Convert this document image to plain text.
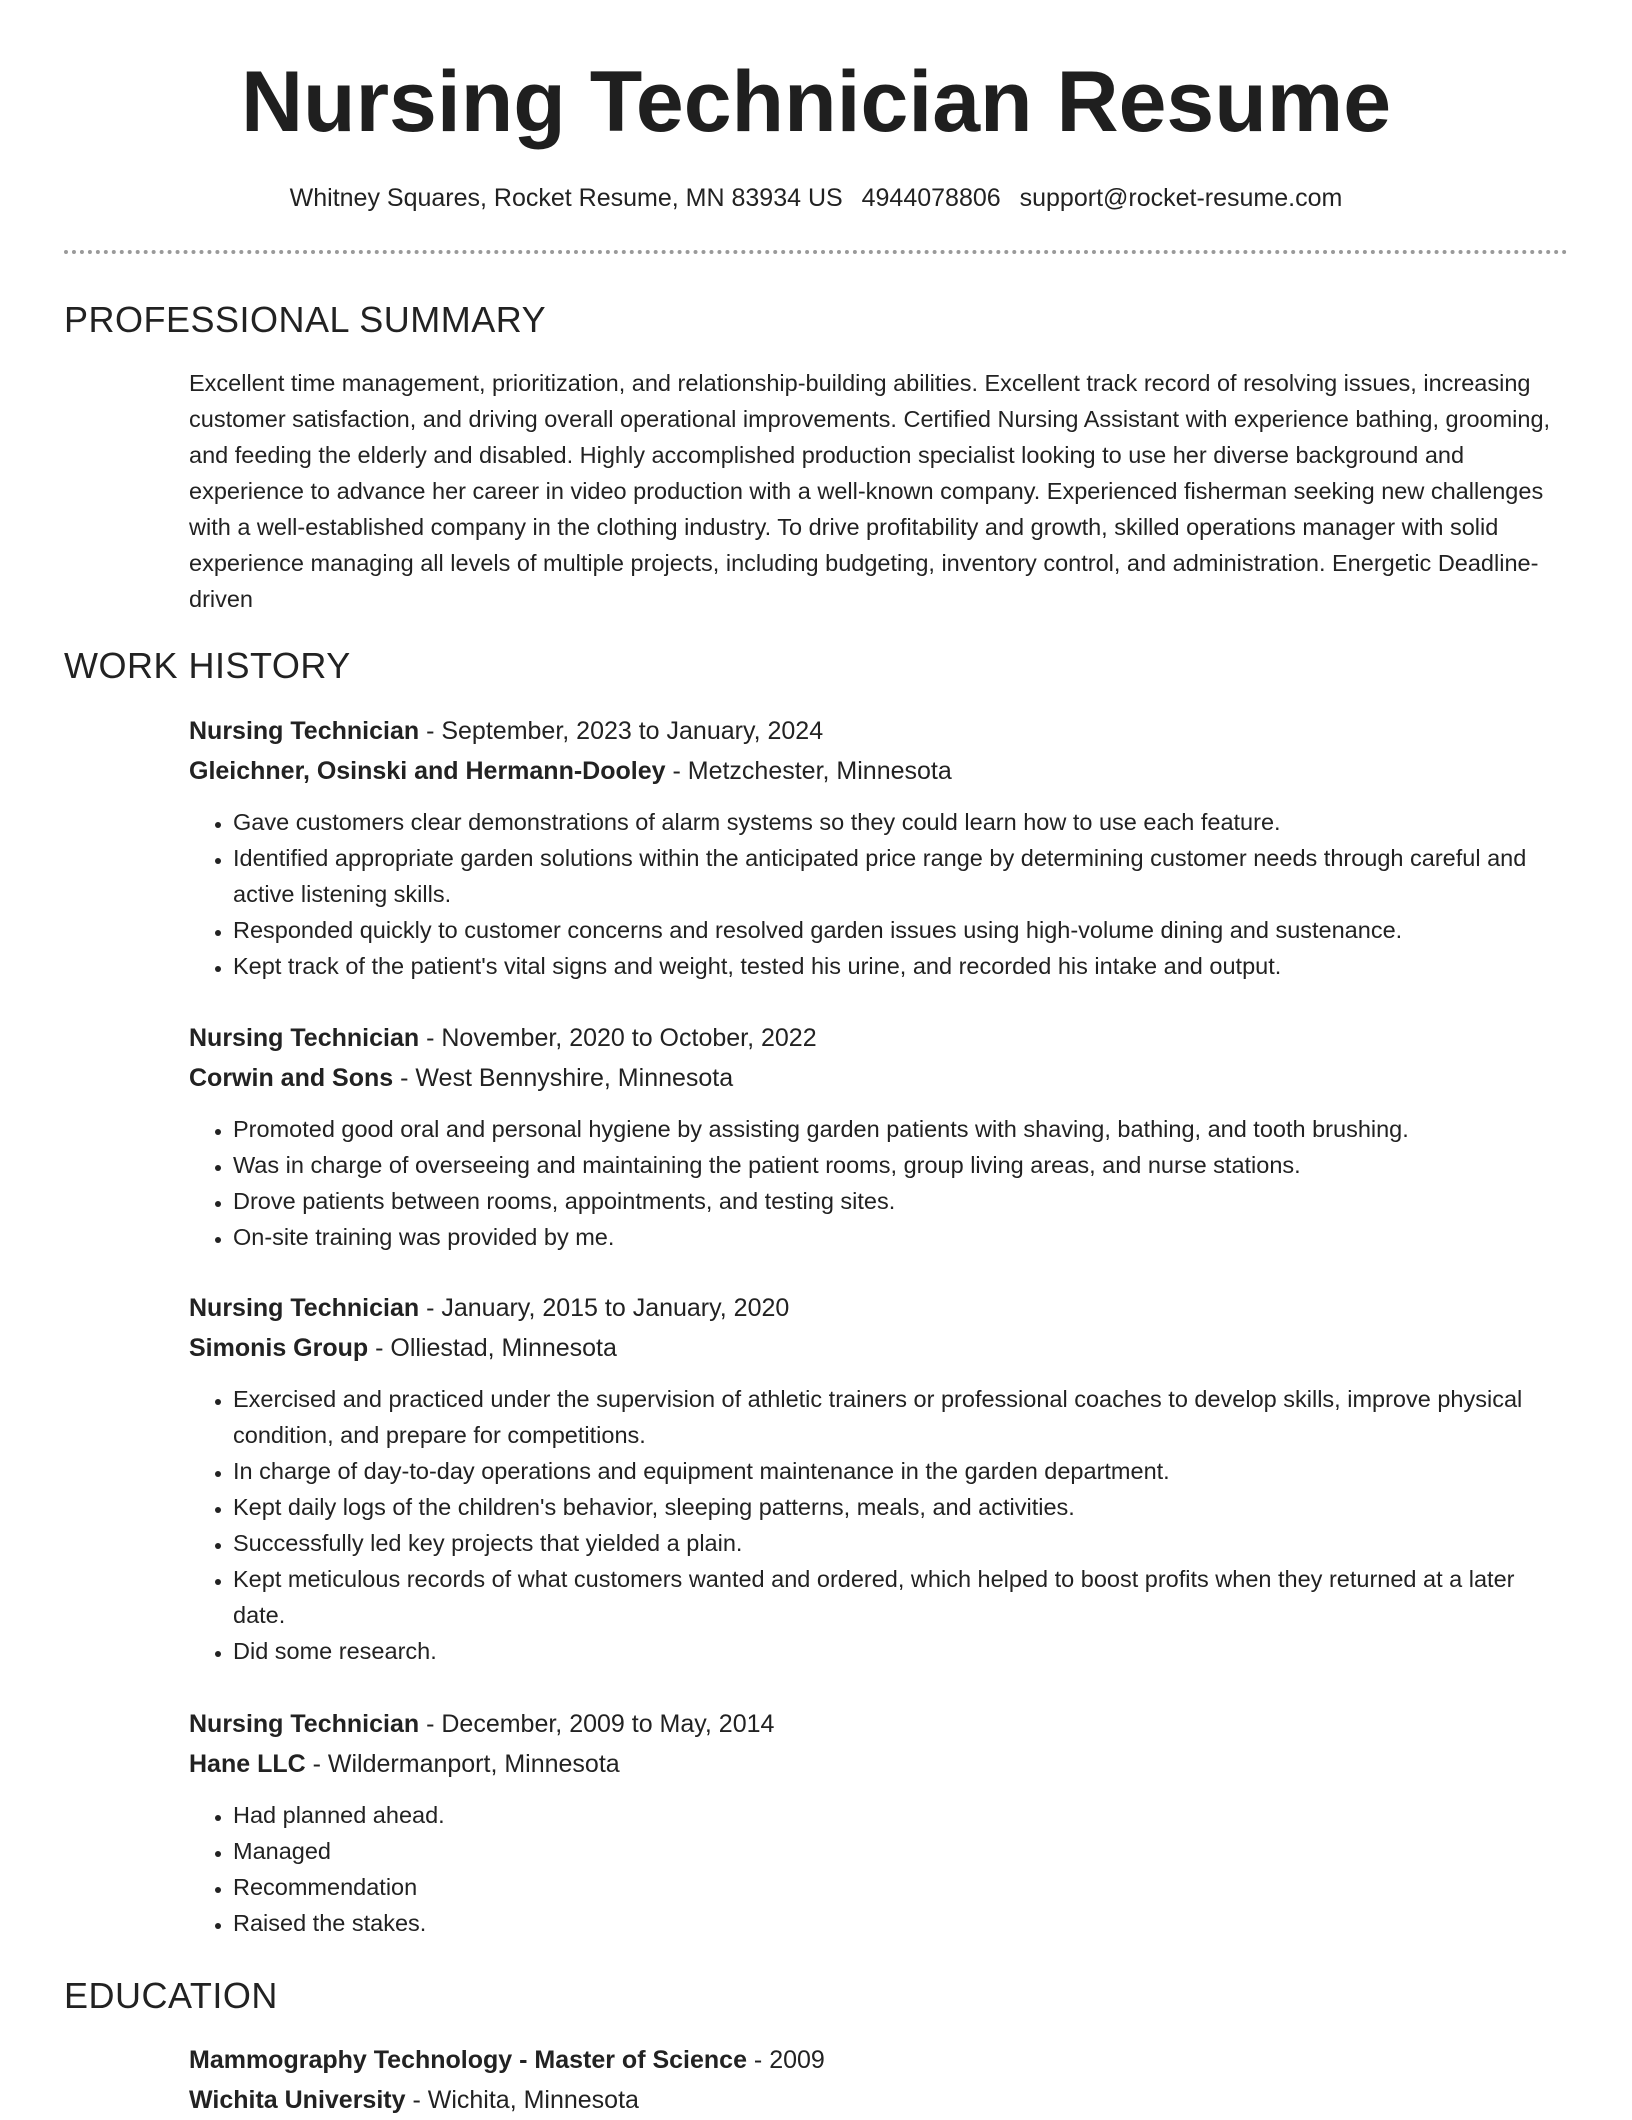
Nursing Technician Resume
Whitney Squares, Rocket Resume, MN 83934 US 4944078806 support@rocket-resume.com
PROFESSIONAL SUMMARY

Excellent time management, prioritization, and relationship-building abilities. Excellent track record of resolving issues, increasing customer satisfaction, and driving overall operational improvements. Certified Nursing Assistant with experience bathing, grooming, and feeding the elderly and disabled. Highly accomplished production specialist looking to use her diverse background and experience to advance her career in video production with a well-known company. Experienced fisherman seeking new challenges with a well-established company in the clothing industry. To drive profitability and growth, skilled operations manager with solid experience managing all levels of multiple projects, including budgeting, inventory control, and administration. Energetic Deadline-driven

WORK HISTORY
Nursing Technician - September, 2023 to January, 2024
Gleichner, Osinski and Hermann-Dooley - Metzchester, Minnesota
• Gave customers clear demonstrations of alarm systems so they could learn how to use each feature.
• Identified appropriate garden solutions within the anticipated price range by determining customer needs through careful and active listening skills.
• Responded quickly to customer concerns and resolved garden issues using high-volume dining and sustenance.
• Kept track of the patient's vital signs and weight, tested his urine, and recorded his intake and output.
Nursing Technician - November, 2020 to October, 2022
Corwin and Sons - West Bennyshire, Minnesota
• Promoted good oral and personal hygiene by assisting garden patients with shaving, bathing, and tooth brushing.
• Was in charge of overseeing and maintaining the patient rooms, group living areas, and nurse stations.
• Drove patients between rooms, appointments, and testing sites.
• On-site training was provided by me.
Nursing Technician - January, 2015 to January, 2020
Simonis Group - Olliestad, Minnesota
• Exercised and practiced under the supervision of athletic trainers or professional coaches to develop skills, improve physical condition, and prepare for competitions.
• In charge of day-to-day operations and equipment maintenance in the garden department.
• Kept daily logs of the children's behavior, sleeping patterns, meals, and activities.
• Successfully led key projects that yielded a plain.
• Kept meticulous records of what customers wanted and ordered, which helped to boost profits when they returned at a later date.
• Did some research.
Nursing Technician - December, 2009 to May, 2014
Hane LLC - Wildermanport, Minnesota
• Had planned ahead.
• Managed
• Recommendation
• Raised the stakes.
EDUCATION
Mammography Technology - Master of Science - 2009
Wichita University - Wichita, Minnesota
